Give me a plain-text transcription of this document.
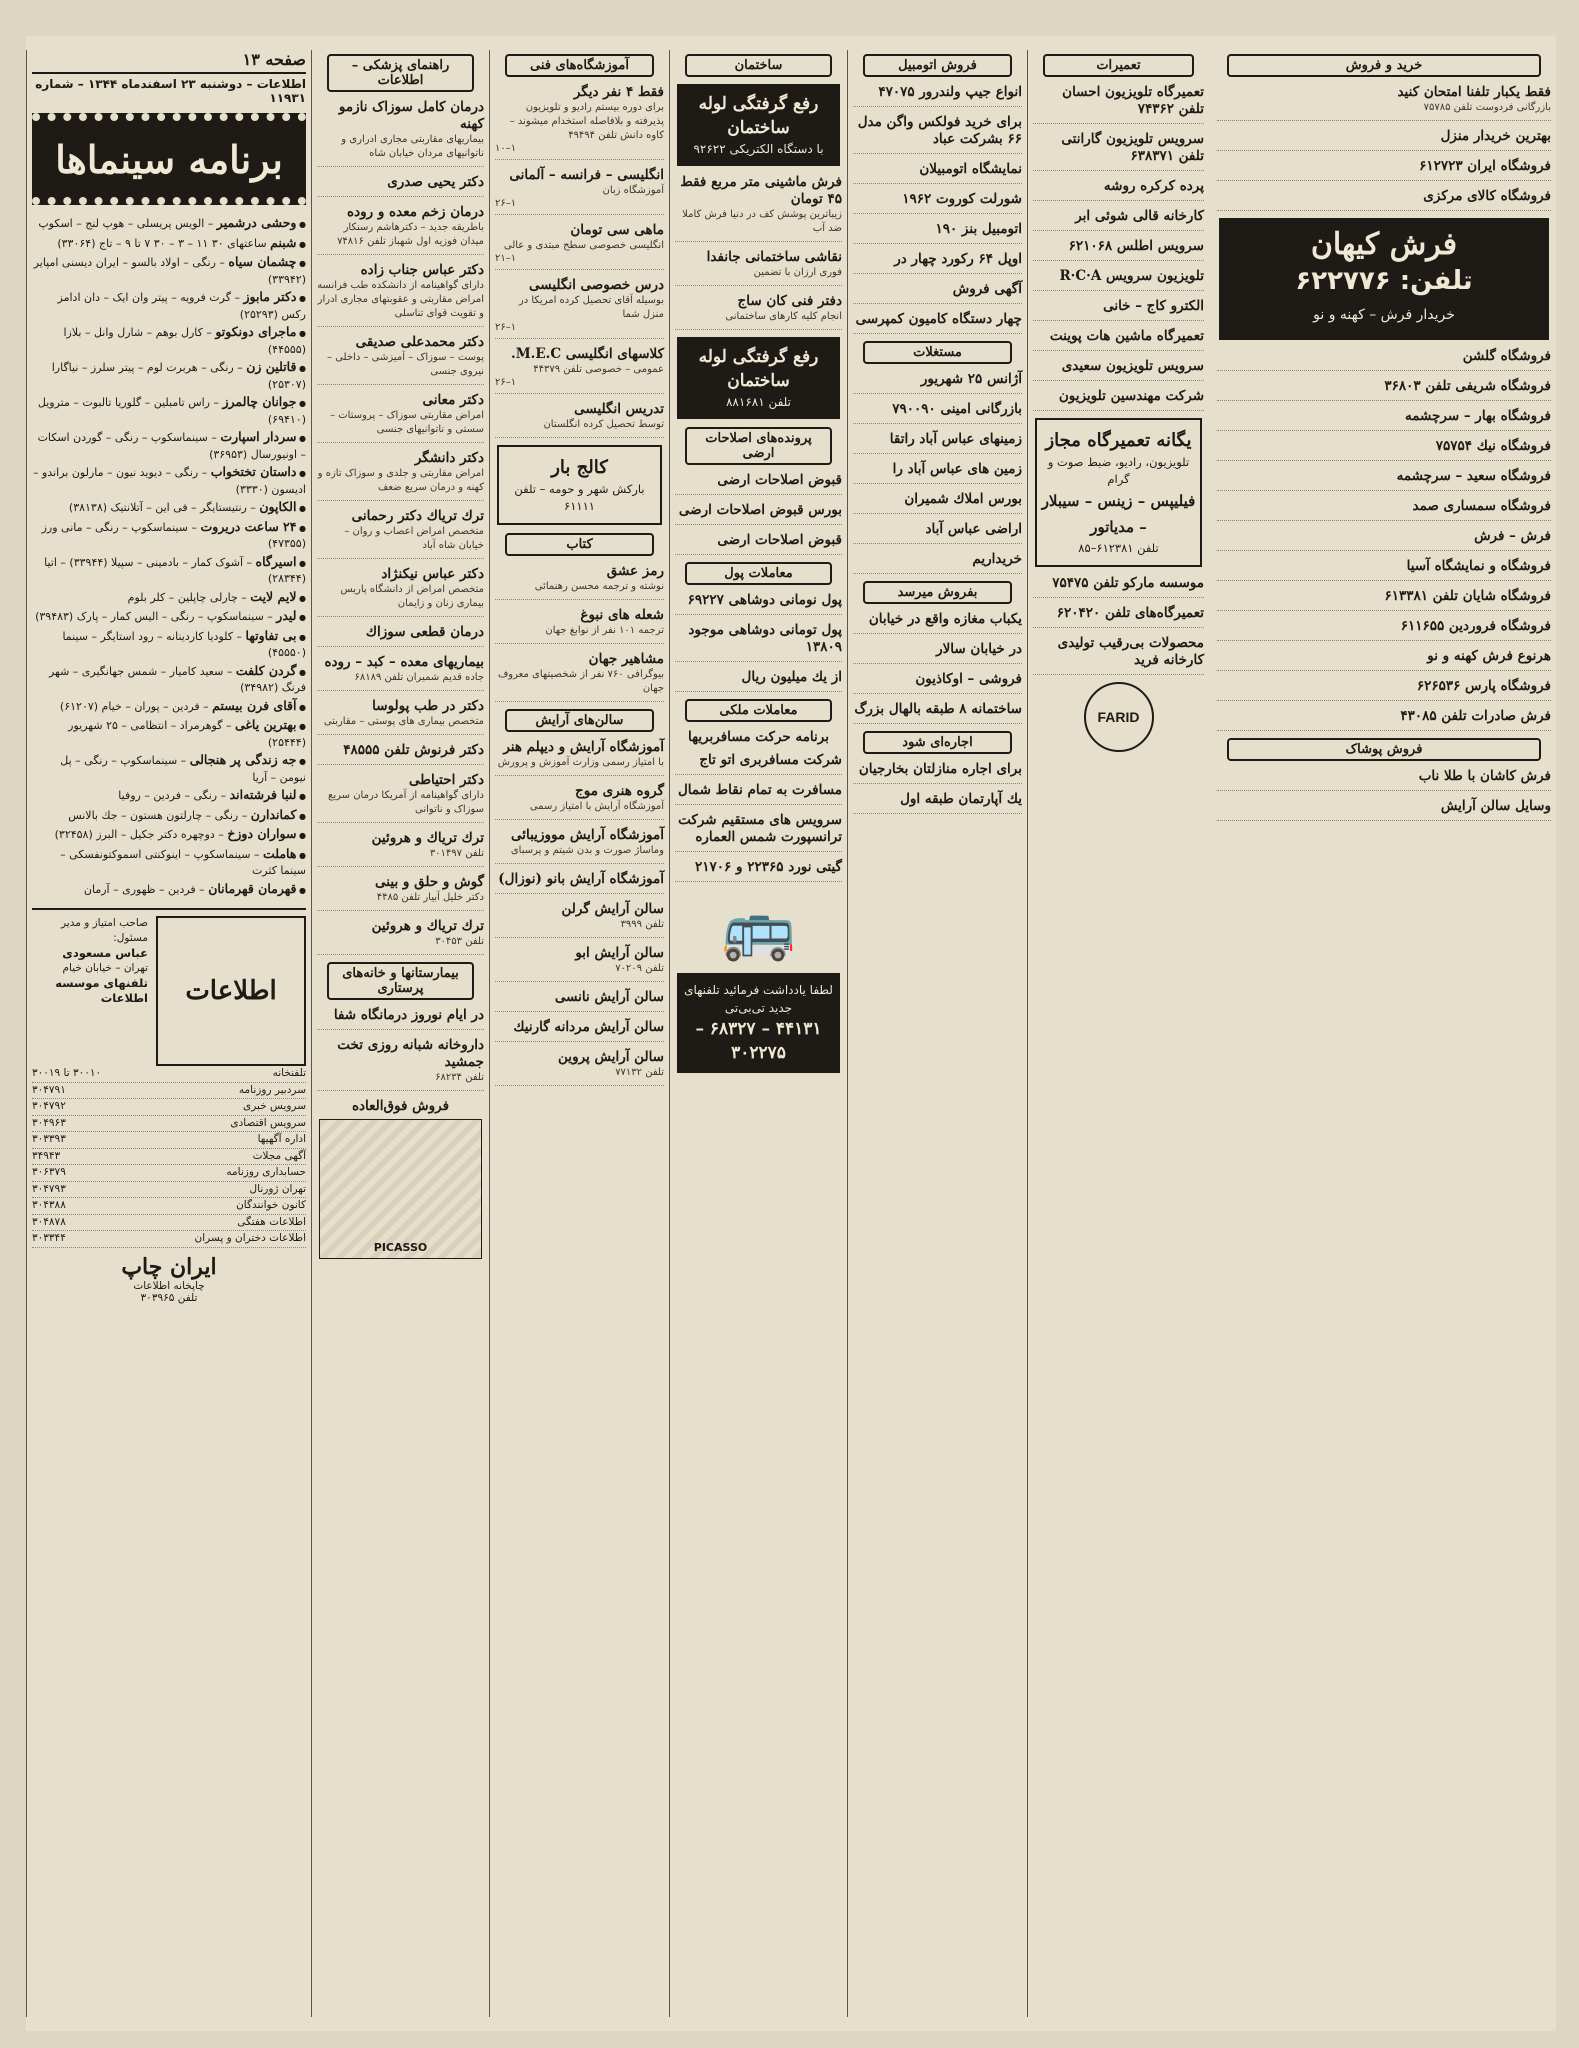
صفحه ۱۳
اطلاعات – دوشنبه ۲۳ اسفندماه ۱۳۴۴ – شماره ۱۱۹۳۱
برنامه سینماها
● وحشی درشمیر – الویس پریسلی – هوپ لنج – اسکوپ
● شبنم ساعتهای ۳۰ ۱۱ – ۳ – ۳۰ ۷ تا ۹ – تاج (۳۳۰۶۴)
● چشمان سیاه – رنگی – اولاد بالسو – ایران دیسنی امپایر (۳۳۹۴۲)
● دکتر مابوز – گرت فرویه – پیتر وان ایک – دان ادامز رکس (۲۵۲۹۳)
● ماجرای دونکوتو – کارل بوهم – شارل وانل – بلازا (۴۴۵۵۵)
● قاتلین زن – رنگی – هربرت لوم – پیتر سلرز – نیاگارا (۲۵۳۰۷)
● جوانان چالمرز – راس تامبلین – گلوریا تالبوت – مترویل (۶۹۴۱۰)
● سردار اسپارت – سینماسکوپ – رنگی – گوردن اسکات – اونیورسال (۳۶۹۵۳)
● داستان تختخواب – رنگی – دیوید نیون – مارلون براندو – ادیسون (۳۳۳۰)
● الکاپون – رنتیستایگر – فی این – آتلانتیک (۳۸۱۳۸)
● ۲۴ ساعت دریروت – سینماسکوپ – رنگی – مانی ورز (۴۷۳۵۵)
● اسیرگاه – آشوک کمار – بادمینی – سپیلا (۳۳۹۴۴) – اتیا (۲۸۳۴۴)
● لایم لایت – چارلی چاپلین – کلر بلوم
● لیدر – سینماسکوپ – رنگی – الیس کمار – پارک (۳۹۴۸۳)
● بی تفاوتها – کلودیا کاردینانه – رود استایگر – سینما (۴۵۵۵۰)
● گردن کلفت – سعید کامیار – شمس جهانگیری – شهر فرنگ (۳۴۹۸۲)
● آقای فرن بیستم – فردین – پوران – خیام (۶۱۲۰۷)
● بهترین یاغی – گوهرمراد – انتظامی – ۲۵ شهریور (۲۵۴۴۴)
● جه زندگی پر هنجالی – سینماسکوپ – رنگی – پل نیومن – آریا
● لنبا فرشته‌اند – رنگی – فردین – روفیا
● کماندارن – رنگی – چارلتون هستون – جك بالانس
● سواران دوزخ – دوچهره دکتر جکیل – البرز (۳۲۴۵۸)
● هاملت – سینماسکوپ – اینوکنتی اسموکتونفسکی – سینما کثرت
● قهرمان قهرمانان – فردین – ظهوری – آرمان
اطلاعات
صاحب امتیاز و مدیر مسئول:
عباس مسعودی
تهران – خیابان خیام
تلفنهای موسسه اطلاعات
تلفنخانه
۳۰۰۱۰ تا ۳۰۰۱۹
سردبیر روزنامه
۳۰۴۷۹۱
سرویس خبری
۳۰۴۷۹۲
سرویس اقتصادی
۳۰۴۹۶۳
اداره آگهیها
۳۰۳۳۹۳
آگهی مجلات
۳۴۹۴۳
حسابداری روزنامه
۳۰۶۳۷۹
تهران ژورنال
۳۰۴۷۹۳
کانون خوانندگان
۳۰۴۳۸۸
اطلاعات هفتگی
۳۰۴۸۷۸
اطلاعات دختران و پسران
۳۰۳۳۴۴
ایران چاپ
چاپخانه اطلاعات
تلفن ۳۰۳۹۶۵
راهنمای پزشکی – اطلاعات
درمان کامل سوزاک نازمو کهنه
بیماریهای مقاربتی مجاری ادراری و ناتوانیهای مردان خیابان شاه
دکتر یحیی صدری
درمان زخم معده و روده
باطریقه جدید – دکترهاشم رسنکار میدان فوزیه اول شهباز تلفن ۷۴۸۱۶
دکتر عباس جناب زاده
دارای گواهینامه از دانشکده طب فرانسه امراض مقاربتی و عقوبتهای مجاری ادرار و تقویت قوای تناسلی
دکتر محمدعلی صدیقی
پوست – سوزاک – آمیزشی – داخلی – نیروی جنسی
دکتر معانی
امراض مقاربتی سوزاک – پروستات – سستی و ناتوانیهای جنسی
دکتر دانشگر
امراض مقاربتی و جلدی و سوزاک تازه و کهنه و درمان سریع ضعف
ترك ترياك دكتر رحمانى
متخصص امراض اعصاب و روان – خیابان شاه آباد
دکتر عباس نیکنژاد
متخصص امراض از دانشگاه پاریس بیماری زنان و زایمان
درمان قطعی سوزاك
بیماریهای معده – کبد – روده
جاده قدیم شمیران تلفن ۶۸۱۸۹
دکتر در طب پولوسا
متخصص بیماری های پوستی – مقاربتی
دکتر فرنوش تلفن ۴۸۵۵۵
دکتر احتیاطی
دارای گواهینامه از آمریکا درمان سریع سوزاک و ناتوانی
ترك ترياك و هروئين
تلفن ۳۰۱۴۹۷
گوش و حلق و بینی
دکتر خلیل آبیار تلفن ۴۴۸۵
ترك ترياك و هروئين
تلفن ۳۰۴۵۳
بیمارستانها و خانه‌های پرستاری
در ایام نوروز درمانگاه شفا
داروخانه شبانه روزی تخت جمشید
تلفن ۶۸۲۳۴
فروش فوق‌العاده
PICASSO
آموزشگاه‌های فنی
فقط ۴ نفر دیگر
برای دوره بیستم رادیو و تلویزیون پذیرفته و بلافاصله استخدام میشوند – کاوه دانش تلفن ۴۹۴۹۴
۱–۱۰
انگلیسی – فرانسه – آلمانی
آموزشگاه زبان
۱–۲۶
ماهی سی تومان
انگلیسی خصوصی سطح مبتدی و عالی
۱–۲۱
درس خصوصی انگلیسی
بوسیله آقای تحصیل کرده امریکا در منزل شما
۱–۲۶
کلاسهای انگلیسی M.E.C.
عمومی – خصوصی تلفن ۴۴۳۷۹
۱–۲۶
تدریس انگلیسی
توسط تحصیل کرده انگلستان
کالج بار
بارکش شهر و حومه – تلفن ۶۱۱۱۱
کتاب
رمز عشق
نوشته و ترجمه محسن رهنمائی
شعله های نبوغ
ترجمه ۱۰۱ نفر از نوابغ جهان
مشاهیر جهان
بیوگرافی ۷۶۰ نفر از شخصیتهای معروف جهان
سالن‌های آرایش
آموزشگاه آرایش و دیپلم هنر
با امتیاز رسمی وزارت آموزش و پرورش
گروه هنری موج
آموزشگاه آرایش با امتیاز رسمی
آموزشگاه آرایش مووزیبائی
وماساژ صورت و بدن شیتم و پرسبای
آموزشگاه آرایش بانو (نوزال)
سالن آرایش گرلن
تلفن ۳۹۹۹
سالن آرایش ابو
تلفن ۷۰۲۰۹
سالن آرایش نانسی
سالن آرایش مردانه گارنیك
سالن آرایش پروین
تلفن ۷۷۱۳۲
ساختمان
رفع گرفتگی لوله ساختمان
با دستگاه الکتریکی ۹۲۶۲۲
فرش ماشینی متر مربع فقط ۴۵ تومان
زیباترین پوشش کف در دنیا فرش کاملا ضد آب
نقاشی ساختمانی جانفدا
فوری ارزان با تضمین
دفتر فنی کان ساج
انجام کلیه کارهای ساختمانی
رفع گرفتگی لوله ساختمان
تلفن ۸۸۱۶۸۱
پرونده‌های اصلاحات ارضی
قبوض اصلاحات ارضی
بورس قبوض اصلاحات ارضی
قبوض اصلاحات ارضی
معاملات پول
پول نومانی دوشاهی ۶۹۲۲۷
پول تومانی دوشاهی موجود ۱۳۸۰۹
از یك میلیون ریال
معاملات ملکی
برنامه حرکت مسافربریها
شرکت مسافربری اتو تاج
مسافرت به تمام نقاط شمال
سرویس های مستقیم شرکت ترانسپورت شمس العماره
گیتی نورد ۲۲۳۶۵ و ۲۱۷۰۶
🚌
لطفا یادداشت فرمائید تلفنهای جدید تی‌بی‌تی
۴۴۱۳۱ – ۶۸۳۲۷ – ۳۰۲۲۷۵
فروش اتومبیل
انواع جیپ ولندرور ۴۷۰۷۵
برای خرید فولکس واگن مدل ۶۶ بشرکت عباد
نمایشگاه اتومبیلان
شورلت کوروت ۱۹۶۲
اتومبیل بنز ۱۹۰
اوپل ۶۴ رکورد چهار در
آگهی فروش
چهار دستگاه کامیون کمپرسی
مستغلات
آژانس ۲۵ شهریور
بازرگانی امینی ۷۹۰۰۹۰
زمینهای عباس آباد راتقا
زمین های عباس آباد را
بورس املاك شمیران
اراضی عباس آباد
خریداریم
بفروش میرسد
یکباب مغازه واقع در خیابان
در خیابان سالار
فروشی – اوکاذیون
ساختمانه ۸ طبقه بالهال بزرگ
اجاره‌ای شود
برای اجاره منازلتان بخارجیان
یك آپارتمان طبقه اول
تعمیرات
تعمیرگاه تلویزیون احسان تلفن ۷۴۳۶۲
سرویس تلویزیون گارانتی تلفن ۶۳۸۳۷۱
پرده کرکره روشه
کارخانه قالی شوئی ابر
سرویس اطلس ۶۲۱۰۶۸
تلویزیون سرویس R·C·A
الکترو کاج – خانی
تعمیرگاه ماشین هات پوینت
سرویس تلویزیون سعیدی
شرکت مهندسین تلویزیون
یگانه تعمیرگاه مجاز
تلویزیون، رادیو، ضبط صوت و گرام
فیلیپس – زینس – سیبلار – مدیاتور
تلفن ۶۱۲۳۸۱–۸۵
موسسه ماركو تلفن ۷۵۴۷۵
تعمیرگاه‌های تلفن ۶۲۰۴۲۰
محصولات بی‌رقیب تولیدی کارخانه فرید
FARID
خرید و فروش
فقط یکبار تلفنا امتحان کنید
بازرگانی فردوست تلفن ۷۵۷۸۵
بهترین خریدار منزل
فروشگاه ایران ۶۱۲۷۲۳
فروشگاه کالای مرکزی
فرش کیهان
تلفن: ۶۲۲۷۷۶
خریدار فرش – کهنه و نو
فروشگاه گلشن
فروشگاه شریفی تلفن ۳۶۸۰۳
فروشگاه بهار – سرچشمه
فروشگاه نیك ۷۵۷۵۴
فروشگاه سعید – سرچشمه
فروشگاه سمساری صمد
فرش – فرش
فروشگاه و نمایشگاه آسیا
فروشگاه شایان تلفن ۶۱۳۳۸۱
فروشگاه فروردین ۶۱۱۶۵۵
هرنوع فرش کهنه و نو
فروشگاه پارس ۶۲۶۵۳۶
فرش صادرات تلفن ۴۳۰۸۵
فروش پوشاک
فرش کاشان با طلا ناب
وسایل سالن آرایش
